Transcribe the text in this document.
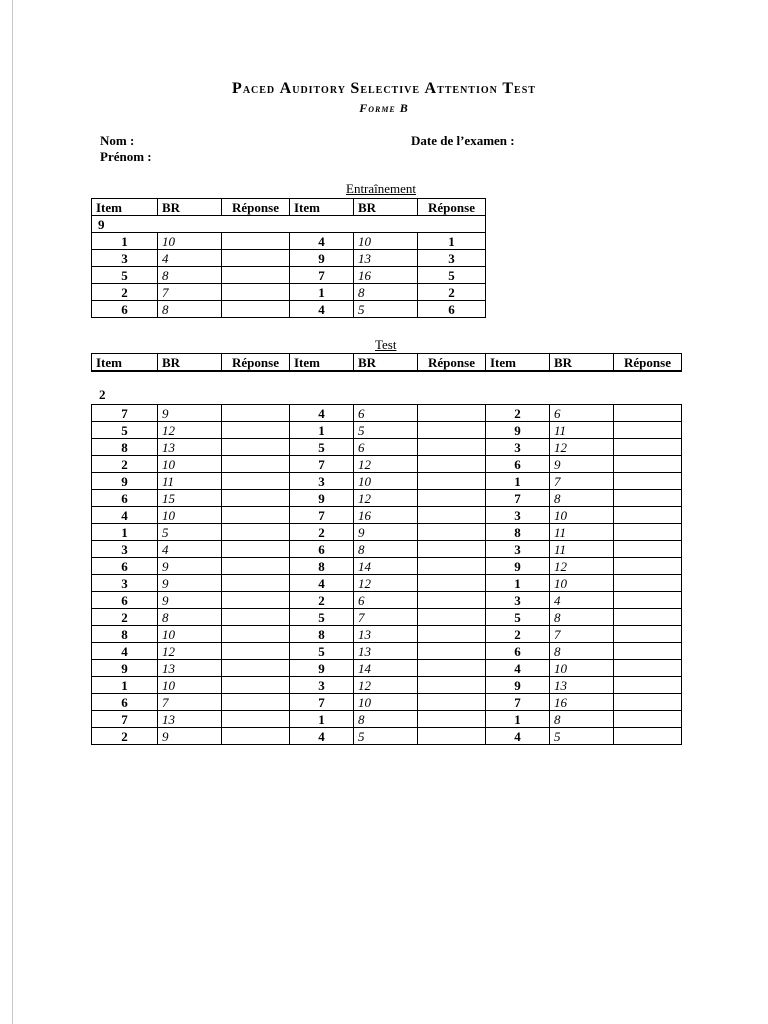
Paced Auditory Selective Attention Test
Forme B
Nom :
Prénom :
Date de l’examen :
Entraînement
Item	BR	Réponse	Item	BR	Réponse
9					
1	10		4	10	1
3	4		9	13	3
5	8		7	16	5
2	7		1	8	2
6	8		4	5	6
Test
Item	BR	Réponse	Item	BR	Réponse	Item	BR	Réponse
2
7	9		4	6		2	6	
5	12		1	5		9	11	
8	13		5	6		3	12	
2	10		7	12		6	9	
9	11		3	10		1	7	
6	15		9	12		7	8	
4	10		7	16		3	10	
1	5		2	9		8	11	
3	4		6	8		3	11	
6	9		8	14		9	12	
3	9		4	12		1	10	
6	9		2	6		3	4	
2	8		5	7		5	8	
8	10		8	13		2	7	
4	12		5	13		6	8	
9	13		9	14		4	10	
1	10		3	12		9	13	
6	7		7	10		7	16	
7	13		1	8		1	8	
2	9		4	5		4	5	
